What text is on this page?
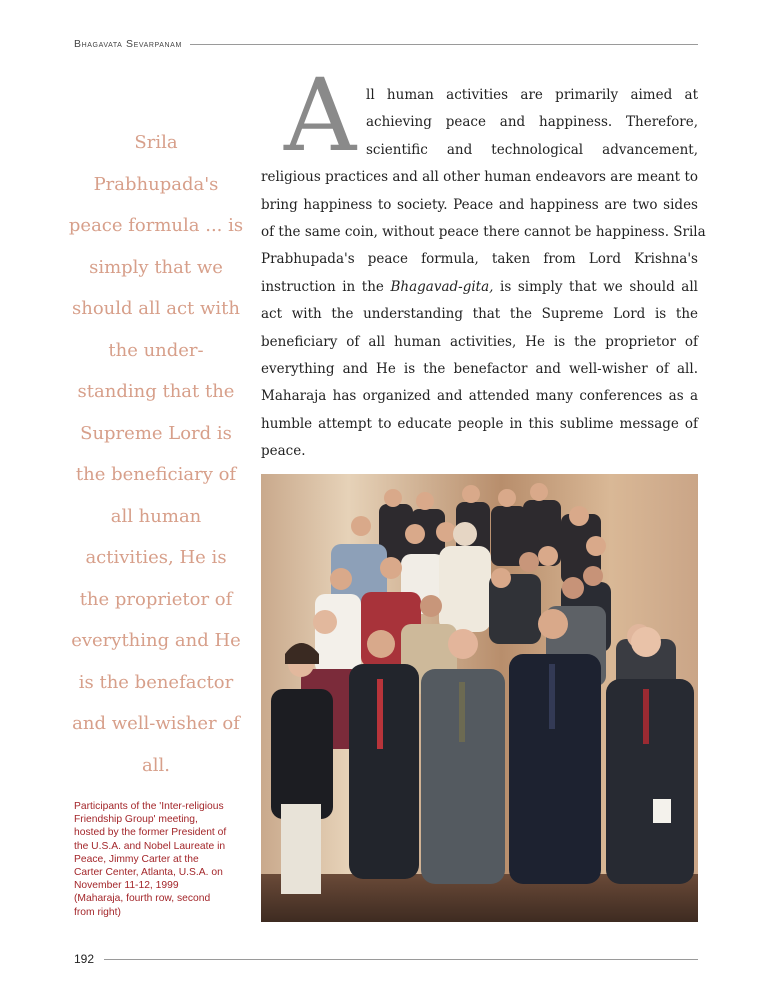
Bhagavata Sevarpanam
Srila
Prabhupada's
peace formula ... is
simply that we
should all act with
the under-
standing that the
Supreme Lord is
the beneficiary of
all human
activities, He is
the proprietor of
everything and He
is the benefactor
and well-wisher of
all.
A ll human activities are primarily aimed at
achieving peace and happiness. Therefore,
scientific and technological advancement,
religious practices and all other human endeavors are meant to
bring happiness to society. Peace and happiness are two sides
of the same coin, without peace there cannot be happiness. Srila
Prabhupada's peace formula, taken from Lord Krishna's
instruction in the Bhagavad-gita, is simply that we should all
act with the understanding that the Supreme Lord is the
beneficiary of all human activities, He is the proprietor of
everything and He is the benefactor and well-wisher of all.
Maharaja has organized and attended many conferences as a
humble attempt to educate people in this sublime message of
peace.
Participants of the 'Inter-religious
Friendship Group' meeting,
hosted by the former President of
the U.S.A. and Nobel Laureate in
Peace, Jimmy Carter at the
Carter Center, Atlanta, U.S.A. on
November 11-12, 1999
(Maharaja, fourth row, second
from right)
192
